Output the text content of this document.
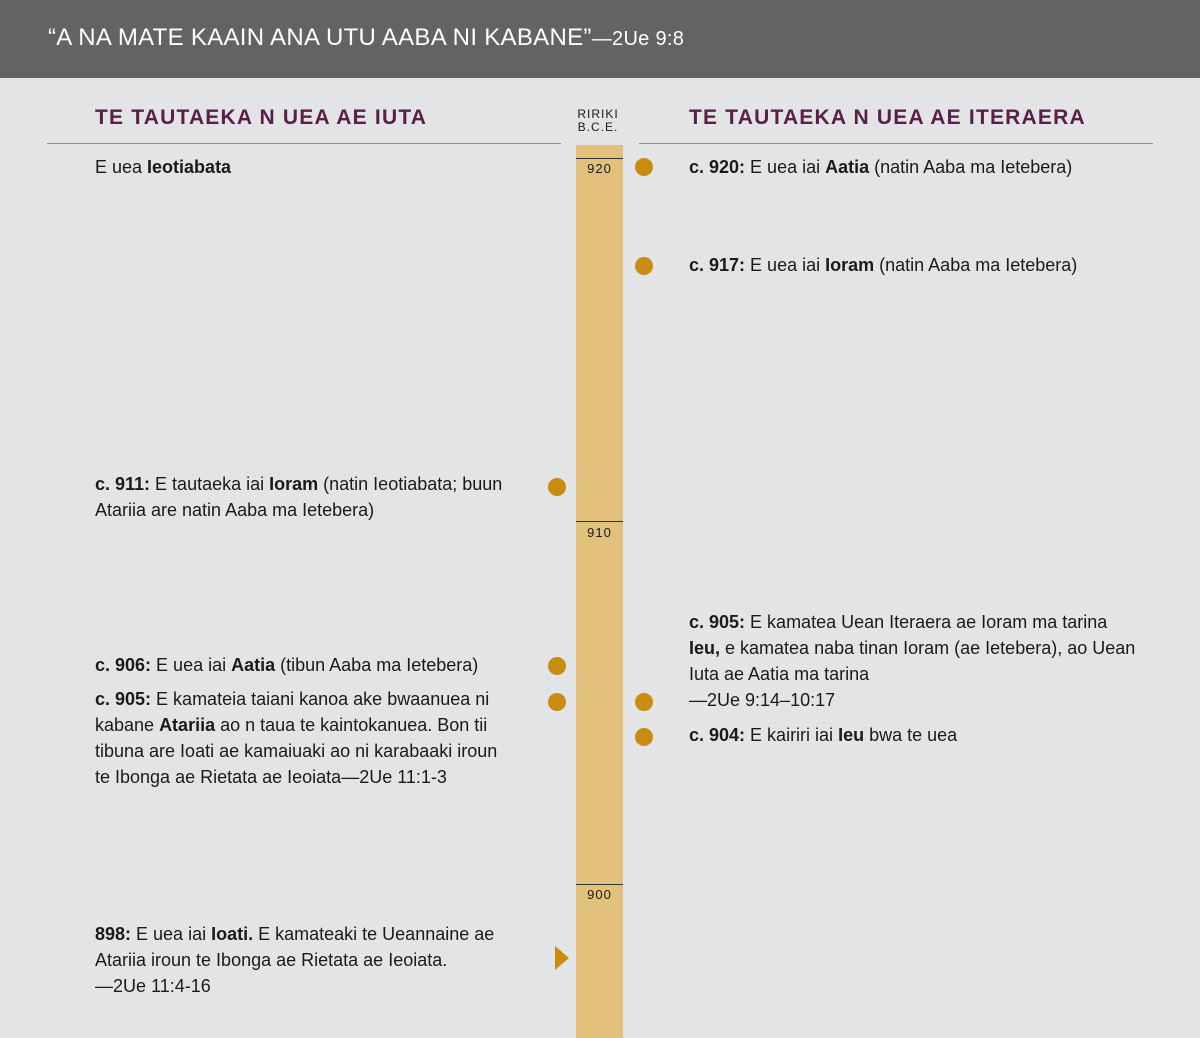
“A NA MATE KAAIN ANA UTU AABA NI KABANE”—2Ue 9:8
TE TAUTAEKA N UEA AE IUTA	TE TAUTAEKA N UEA AE ITERAERA
RIRIKI
B.C.E.
920
910
900
E uea Ieotiabata
c. 911: E tautaeka iai Ioram (natin Ieotiabata; buun
Atariia are natin Aaba ma Ietebera)
c. 906: E uea iai Aatia (tibun Aaba ma Ietebera)
c. 905: E kamateia taiani kanoa ake bwaanuea ni
kabane Atariia ao n taua te kaintokanuea. Bon tii
tibuna are Ioati ae kamaiuaki ao ni karabaaki iroun
te Ibonga ae Rietata ae Ieoiata—2Ue 11:1-3
898: E uea iai Ioati. E kamateaki te Ueannaine ae
Atariia iroun te Ibonga ae Rietata ae Ieoiata.
—2Ue 11:4-16
c. 920: E uea iai Aatia (natin Aaba ma Ietebera)
c. 917: E uea iai Ioram (natin Aaba ma Ietebera)
c. 905: E kamatea Uean Iteraera ae Ioram ma tarina
Ieu, e kamatea naba tinan Ioram (ae Ietebera), ao Uean
Iuta ae Aatia ma tarina
—2Ue 9:14–10:17
c. 904: E kairiri iai Ieu bwa te uea
